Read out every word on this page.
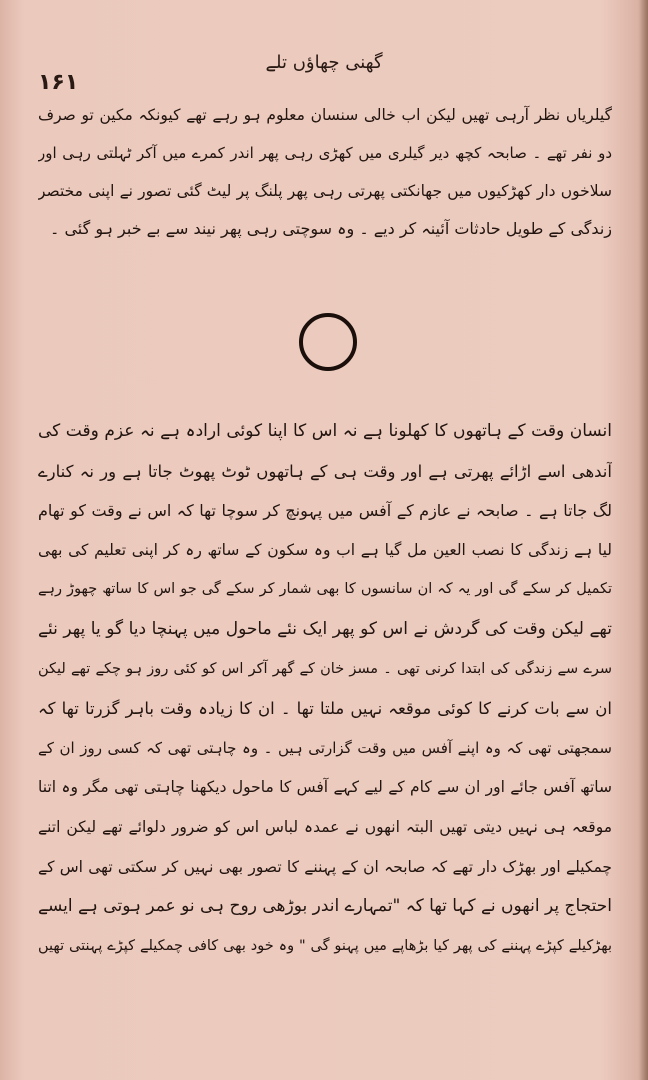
گھنی چھاؤں تلے
۱۶۱
گیلریاں نظر آرہی تھیں لیکن اب خالی سنسان معلوم ہو رہے تھے کیونکہ مکین تو صرف
دو نفر تھے ۔ صابحہ کچھ دیر گیلری میں کھڑی رہی پھر اندر کمرے میں آکر ٹہلتی رہی اور
سلاخوں دار کھڑکیوں میں جھانکتی پھرتی رہی پھر پلنگ پر لیٹ گئی تصور نے اپنی مختصر
زندگی کے طویل حادثات آئینہ کر دیے ۔ وہ سوچتی رہی پھر نیند سے بے خبر ہو گئی ۔
انسان وقت کے ہاتھوں کا کھلونا ہے نہ اس کا اپنا کوئی ارادہ ہے نہ عزم وقت کی
آندھی اسے اڑائے پھرتی ہے اور وقت ہی کے ہاتھوں ٹوٹ پھوٹ جاتا ہے ور نہ کنارے
لگ جاتا ہے ۔ صابحہ نے عازم کے آفس میں پہونچ کر سوچا تھا کہ اس نے وقت کو تھام
لیا ہے زندگی کا نصب العین مل گیا ہے اب وہ سکون کے ساتھ رہ کر اپنی تعلیم کی بھی
تکمیل کر سکے گی اور یہ کہ ان سانسوں کا بھی شمار کر سکے گی جو اس کا ساتھ چھوڑ رہے
تھے لیکن وقت کی گردش نے اس کو پھر ایک نئے ماحول میں پہنچا دیا گو یا پھر نئے
سرے سے زندگی کی ابتدا کرنی تھی ۔ مسز خان کے گھر آکر اس کو کئی روز ہو چکے تھے لیکن
ان سے بات کرنے کا کوئی موقعہ نہیں ملتا تھا ۔ ان کا زیادہ وقت باہر گزرتا تھا کہ
سمجھتی تھی کہ وہ اپنے آفس میں وقت گزارتی ہیں ۔ وہ چاہتی تھی کہ کسی روز ان کے
ساتھ آفس جائے اور ان سے کام کے لیے کہے آفس کا ماحول دیکھنا چاہتی تھی مگر وہ اتنا
موقعہ ہی نہیں دیتی تھیں البتہ انھوں نے عمدہ لباس اس کو ضرور دلوائے تھے لیکن اتنے
چمکیلے اور بھڑک دار تھے کہ صابحہ ان کے پہننے کا تصور بھی نہیں کر سکتی تھی اس کے
احتجاج پر انھوں نے کہا تھا کہ "تمہارے اندر بوڑھی روح ہی نو عمر ہوتی ہے ایسے
بھڑکیلے کپڑے پہننے کی پھر کیا بڑھاپے میں پہنو گی " وہ خود بھی کافی چمکیلے کپڑے پہنتی تھیں
